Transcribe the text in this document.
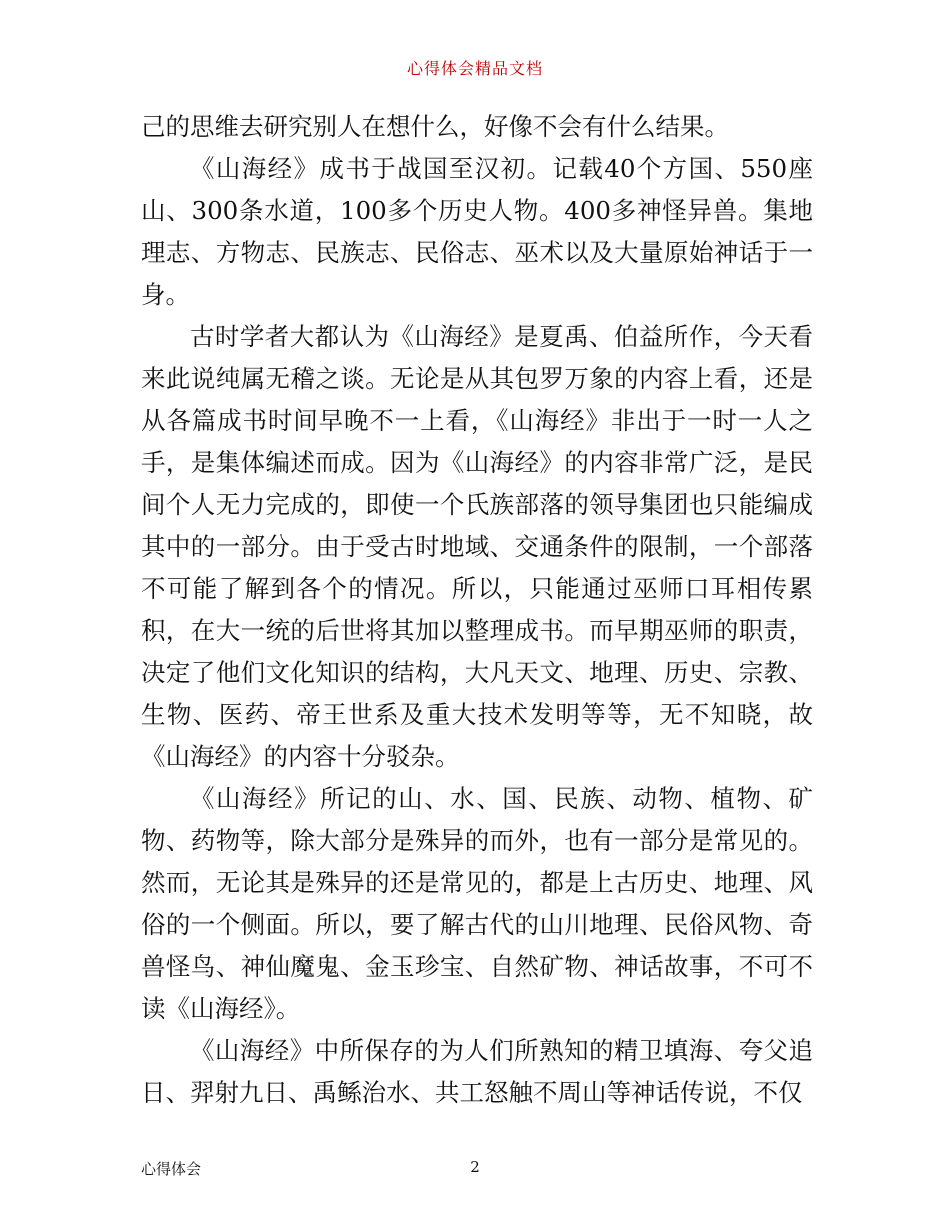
心得体会精品文档

己的思维去研究别人在想什么，好像不会有什么结果。

《山海经》成书于战国至汉初。记载40个方国、550座山、300条水道，100多个历史人物。400多神怪异兽。集地理志、方物志、民族志、民俗志、巫术以及大量原始神话于一身。

古时学者大都认为《山海经》是夏禹、伯益所作，今天看来此说纯属无稽之谈。无论是从其包罗万象的内容上看，还是从各篇成书时间早晚不一上看，《山海经》非出于一时一人之手，是集体编述而成。因为《山海经》的内容非常广泛，是民间个人无力完成的，即使一个氏族部落的领导集团也只能编成其中的一部分。由于受古时地域、交通条件的限制，一个部落不可能了解到各个的情况。所以，只能通过巫师口耳相传累积，在大一统的后世将其加以整理成书。而早期巫师的职责，决定了他们文化知识的结构，大凡天文、地理、历史、宗教、生物、医药、帝王世系及重大技术发明等等，无不知晓，故《山海经》的内容十分驳杂。

《山海经》所记的山、水、国、民族、动物、植物、矿物、药物等，除大部分是殊异的而外，也有一部分是常见的。然而，无论其是殊异的还是常见的，都是上古历史、地理、风俗的一个侧面。所以，要了解古代的山川地理、民俗风物、奇兽怪鸟、神仙魔鬼、金玉珍宝、自然矿物、神话故事，不可不读《山海经》。

《山海经》中所保存的为人们所熟知的精卫填海、夸父追日、羿射九日、禹鲧治水、共工怒触不周山等神话传说，不仅

心得体会	2
